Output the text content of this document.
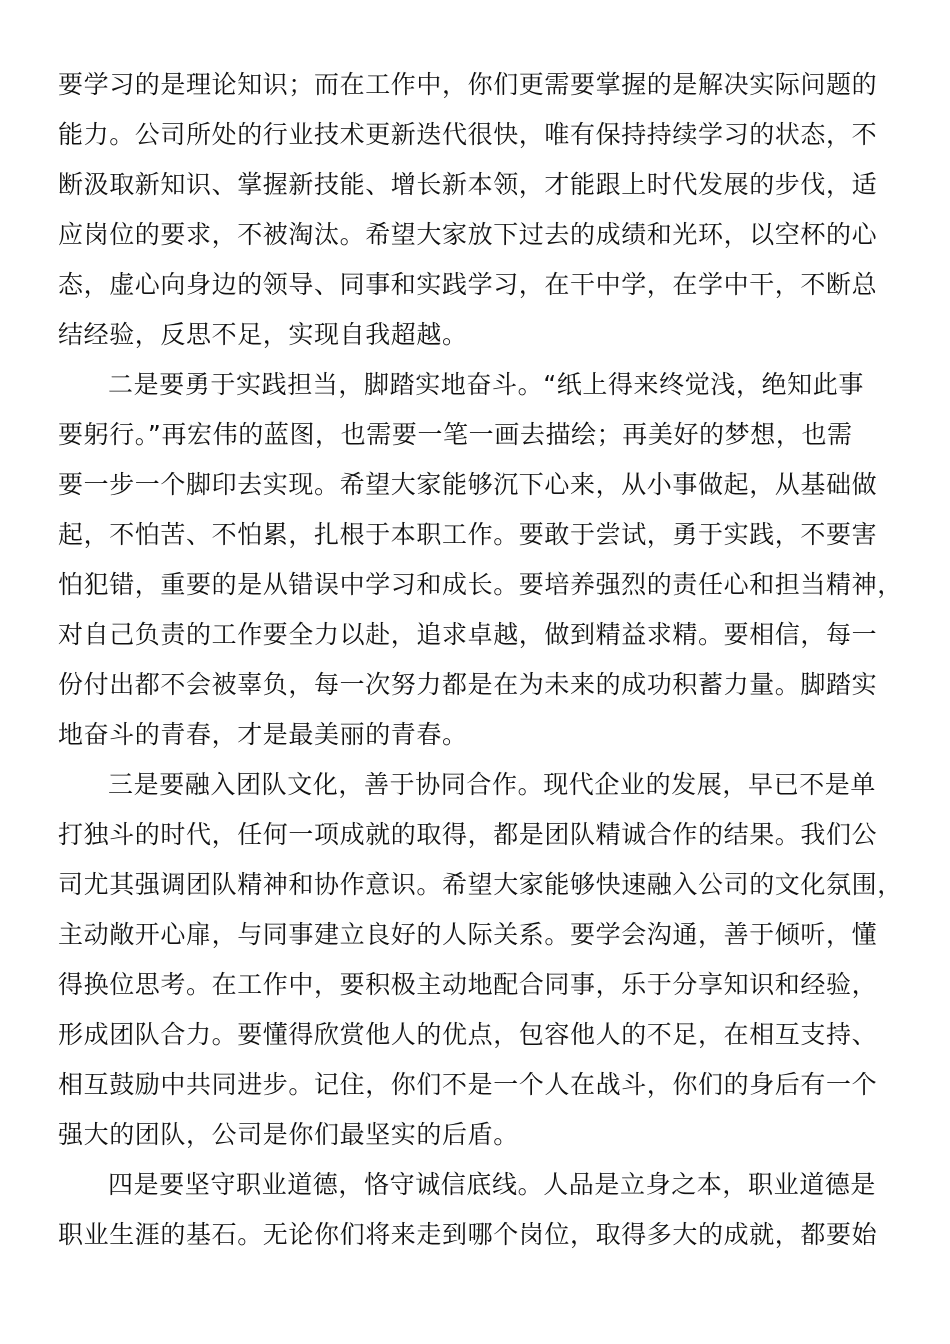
要学习的是理论知识；而在工作中，你们更需要掌握的是解决实际问题的
能力。公司所处的行业技术更新迭代很快，唯有保持持续学习的状态，不
断汲取新知识、掌握新技能、增长新本领，才能跟上时代发展的步伐，适
应岗位的要求，不被淘汰。希望大家放下过去的成绩和光环，以空杯的心
态，虚心向身边的领导、同事和实践学习，在干中学，在学中干，不断总
结经验，反思不足，实现自我超越。
二是要勇于实践担当，脚踏实地奋斗。“纸上得来终觉浅，绝知此事
要躬行。”再宏伟的蓝图，也需要一笔一画去描绘；再美好的梦想，也需
要一步一个脚印去实现。希望大家能够沉下心来，从小事做起，从基础做
起，不怕苦、不怕累，扎根于本职工作。要敢于尝试，勇于实践，不要害
怕犯错，重要的是从错误中学习和成长。要培养强烈的责任心和担当精神，
对自己负责的工作要全力以赴，追求卓越，做到精益求精。要相信，每一
份付出都不会被辜负，每一次努力都是在为未来的成功积蓄力量。脚踏实
地奋斗的青春，才是最美丽的青春。
三是要融入团队文化，善于协同合作。现代企业的发展，早已不是单
打独斗的时代，任何一项成就的取得，都是团队精诚合作的结果。我们公
司尤其强调团队精神和协作意识。希望大家能够快速融入公司的文化氛围，
主动敞开心扉，与同事建立良好的人际关系。要学会沟通，善于倾听，懂
得换位思考。在工作中，要积极主动地配合同事，乐于分享知识和经验，
形成团队合力。要懂得欣赏他人的优点，包容他人的不足，在相互支持、
相互鼓励中共同进步。记住，你们不是一个人在战斗，你们的身后有一个
强大的团队，公司是你们最坚实的后盾。
四是要坚守职业道德，恪守诚信底线。人品是立身之本，职业道德是
职业生涯的基石。无论你们将来走到哪个岗位，取得多大的成就，都要始
